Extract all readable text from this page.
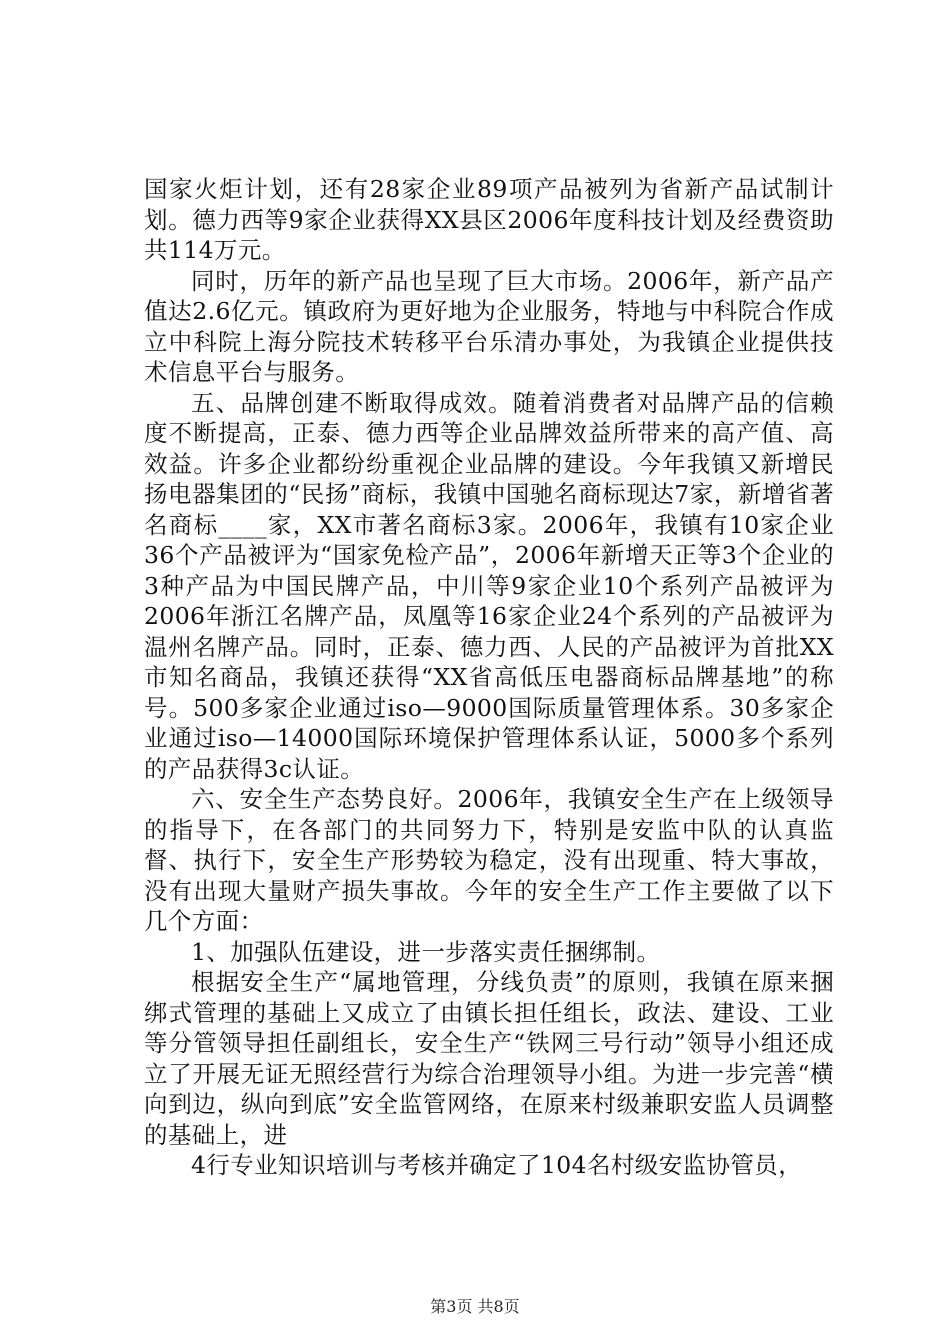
国家火炬计划，还有28家企业89项产品被列为省新产品试制计划。德力西等9家企业获得XX县区2006年度科技计划及经费资助共114万元。

同时，历年的新产品也呈现了巨大市场。2006年，新产品产值达2.6亿元。镇政府为更好地为企业服务，特地与中科院合作成立中科院上海分院技术转移平台乐清办事处，为我镇企业提供技术信息平台与服务。

五、品牌创建不断取得成效。随着消费者对品牌产品的信赖度不断提高，正泰、德力西等企业品牌效益所带来的高产值、高效益。许多企业都纷纷重视企业品牌的建设。今年我镇又新增民扬电器集团的“民扬”商标，我镇中国驰名商标现达7家，新增省著名商标____家，XX市著名商标3家。2006年，我镇有10家企业36个产品被评为“国家免检产品”，2006年新增天正等3个企业的3种产品为中国民牌产品，中川等9家企业10个系列产品被评为2006年浙江名牌产品，凤凰等16家企业24个系列的产品被评为温州名牌产品。同时，正泰、德力西、人民的产品被评为首批XX市知名商品，我镇还获得“XX省高低压电器商标品牌基地”的称号。500多家企业通过iso—9000国际质量管理体系。30多家企业通过iso—14000国际环境保护管理体系认证，5000多个系列的产品获得3c认证。

六、安全生产态势良好。2006年，我镇安全生产在上级领导的指导下，在各部门的共同努力下，特别是安监中队的认真监督、执行下，安全生产形势较为稳定，没有出现重、特大事故，没有出现大量财产损失事故。今年的安全生产工作主要做了以下几个方面：

1、加强队伍建设，进一步落实责任捆绑制。

根据安全生产“属地管理，分线负责”的原则，我镇在原来捆绑式管理的基础上又成立了由镇长担任组长，政法、建设、工业等分管领导担任副组长，安全生产“铁网三号行动”领导小组还成立了开展无证无照经营行为综合治理领导小组。为进一步完善“横向到边，纵向到底”安全监管网络，在原来村级兼职安监人员调整的基础上，进

4行专业知识培训与考核并确定了104名村级安监协管员，

第3页 共8页
